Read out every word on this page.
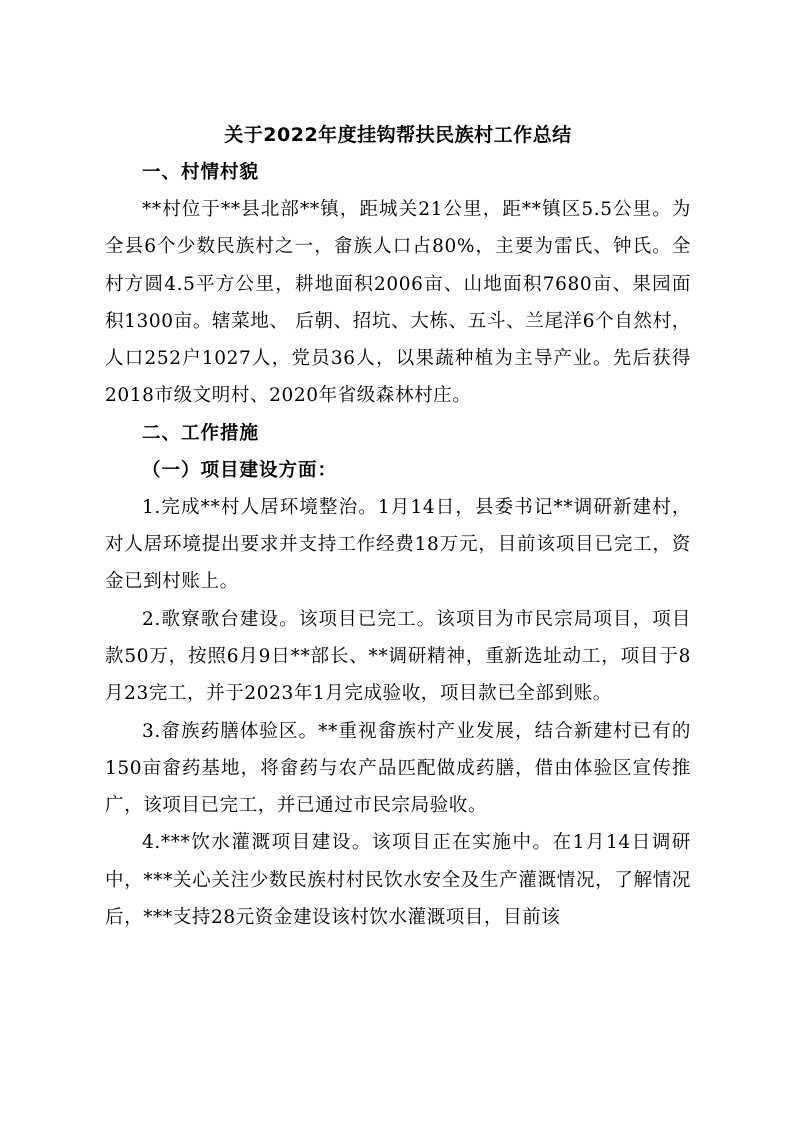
关于2022年度挂钩帮扶民族村工作总结

一、村情村貌

**村位于**县北部**镇，距城关21公里，距**镇区5.5公里。为全县6个少数民族村之一，畲族人口占80%，主要为雷氏、钟氏。全村方圆4.5平方公里，耕地面积2006亩、山地面积7680亩、果园面积1300亩。辖菜地、 后朝、招坑、大栋、五斗、兰尾洋6个自然村，人口252户1027人，党员36人，以果蔬种植为主导产业。先后获得2018市级文明村、2020年省级森林村庄。

二、工作措施

（一）项目建设方面：

1.完成**村人居环境整治。1月14日，县委书记**调研新建村，对人居环境提出要求并支持工作经费18万元，目前该项目已完工，资金已到村账上。

2.歌寮歌台建设。该项目已完工。该项目为市民宗局项目，项目款50万，按照6月9日**部长、**调研精神，重新选址动工，项目于8月23完工，并于2023年1月完成验收，项目款已全部到账。

3.畲族药膳体验区。**重视畲族村产业发展，结合新建村已有的150亩畲药基地，将畲药与农产品匹配做成药膳，借由体验区宣传推广，该项目已完工，并已通过市民宗局验收。

4.***饮水灌溉项目建设。该项目正在实施中。在1月14日调研中，***关心关注少数民族村村民饮水安全及生产灌溉情况，了解情况后，***支持28元资金建设该村饮水灌溉项目，目前该
